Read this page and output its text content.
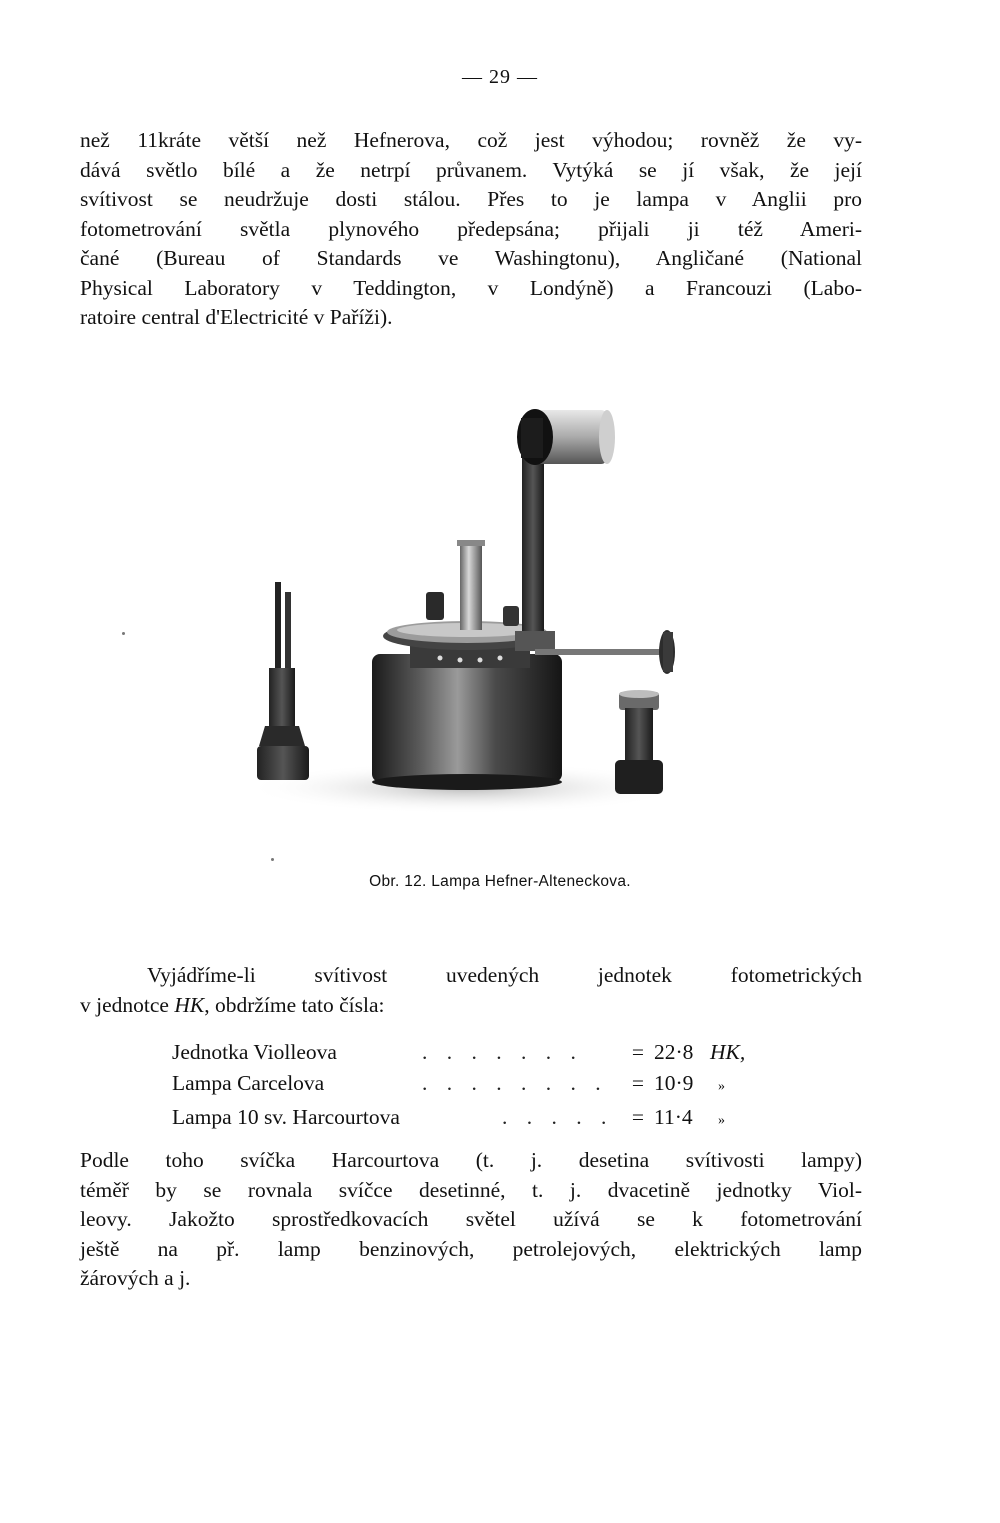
— 29 —
než 11kráte větší než Hefnerova, což jest výhodou; rovněž že vy-
dává světlo bílé a že netrpí průvanem. Vytýká se jí však, že její
svítivost se neudržuje dosti stálou. Přes to je lampa v Anglii pro
fotometrování světla plynového předepsána; přijali ji též Ameri-
čané (Bureau of Standards ve Washingtonu), Angličané (National
Physical Laboratory v Teddington, v Londýně) a Francouzi (Labo-
ratoire central d'Electricité v Paříži).
Obr. 12. Lampa Hefner-Alteneckova.
Vyjádříme-li svítivost uvedených jednotek fotometrických
v jednotce HK, obdržíme tato čísla:
Jednotka Violleova	. . . . . . .	= 22·8 HK,
Lampa Carcelova	. . . . . . . .	= 10·9	»
Lampa 10 sv. Harcourtova	. . . . . = 11·4	»
Podle toho svíčka Harcourtova (t. j. desetina svítivosti lampy)
téměř by se rovnala svíčce desetinné, t. j. dvacetině jednotky Viol-
leovy. Jakožto sprostředkovacích světel užívá se k fotometrování
ještě na př. lamp benzinových, petrolejových, elektrických lamp
žárových a j.
